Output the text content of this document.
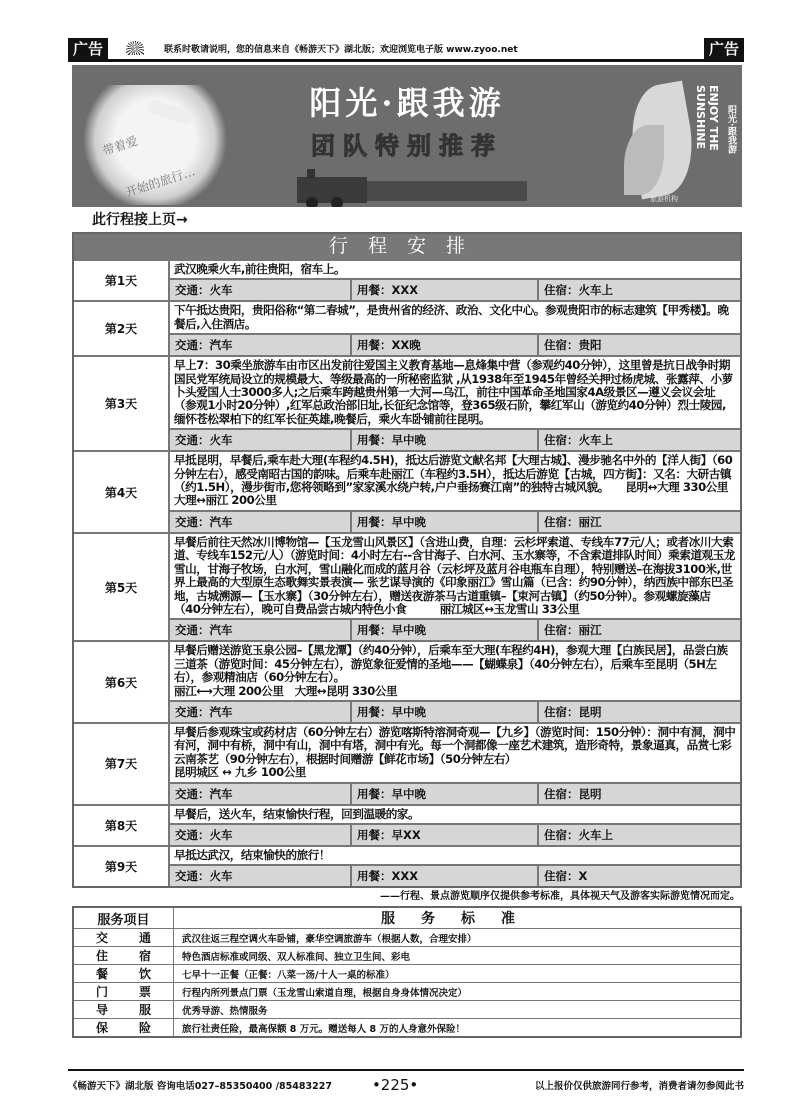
广告	联系时敬请说明，您的信息来自《畅游天下》湖北版；欢迎浏览电子版 www.zyoo.net	广告
带着爱
开始的旅行…
阳光·跟我游
团队特别推荐	ENJOY THE SUNSHINE	阳光·跟我游
旅游机构
此行程接上页→
行程安排
第1天
武汉晚乘火车,前往贵阳，宿车上。
交通：火车	用餐：XXX	住宿：火车上
第2天
下午抵达贵阳，贵阳俗称“第二春城”，是贵州省的经济、政治、文化中心。参观贵阳市的标志建筑【甲秀楼】。晚餐后,入住酒店。
交通：汽车	用餐：XX晚	住宿：贵阳
第3天
早上7：30乘坐旅游车由市区出发前往爱国主义教育基地—息烽集中营（参观约40分钟），这里曾是抗日战争时期国民党军统局设立的规模最大、等级最高的一所秘密监狱 ,从1938年至1945年曾经关押过杨虎城、张露萍、小萝卜头爱国人士3000多人;之后乘车跨越贵州第一大河—乌江，前往中国革命圣地国家4A级景区—遵义会议会址（参观1小时20分钟）,红军总政治部旧址,长征纪念馆等，登365级石阶，攀红军山（游览约40分钟）烈士陵园,缅怀苍松翠柏下的红军长征英雄,晚餐后，乘火车卧铺前往昆明。
交通：火车	用餐：早中晚	住宿：火车上
第4天
早抵昆明，早餐后,乘车赴大理(车程约4.5H)，抵达后游览文献名邦【大理古城】、漫步驰名中外的【洋人街】（60分钟左右），感受南昭古国的韵味。后乘车赴丽江（车程约3.5H），抵达后游览【古城，四方街】：又名：大研古镇（约1.5H），漫步街市,您将领略到”家家溪水绕户转,户户垂扬赛江南”的独特古城风貌。　　昆明↔大理 330公里　大理↔丽江 200公里
交通：汽车	用餐：早中晚	住宿：丽江
第5天
早餐后前往天然冰川博物馆—【玉龙雪山风景区】（含进山费，自理：云杉坪索道、专线车77元/人；或者冰川大索道、专线车152元/人）（游览时间：4小时左右--含甘海子、白水河、玉水寨等，不含索道排队时间）乘索道观玉龙雪山，甘海子牧场，白水河，雪山融化而成的蓝月谷（云杉坪及蓝月谷电瓶车自理），特别赠送–在海拔3100米,世界上最高的大型原生态歌舞实景表演— 张艺谋导演的《印象丽江》雪山篇（已含：约90分钟），纳西族中部东巴圣地，古城溯源—【玉水寨】（30分钟左右），赠送夜游茶马古道重镇–【束河古镇】（约50分钟）。参观螺旋藻店（40分钟左右），晚可自费品尝古城内特色小食　　　丽江城区↔玉龙雪山 33公里
交通：汽车	用餐：早中晚	住宿：丽江
第6天
早餐后赠送游览玉泉公园–【黑龙潭】（约40分钟），后乘车至大理(车程约4H)，参观大理【白族民居】，品尝白族三道茶（游览时间：45分钟左右），游览象征爱情的圣地——【蝴蝶泉】（40分钟左右），后乘车至昆明（5H左右），参观精油店（60分钟左右）。
丽江⟷大理 200公里　大理↔昆明 330公里
交通：汽车	用餐：早中晚	住宿：昆明
第7天
早餐后参观珠宝或药材店（60分钟左右）游览喀斯特溶洞奇观—【九乡】（游览时间：150分钟）：洞中有洞，洞中有河，洞中有桥，洞中有山，洞中有塔，洞中有光。每一个洞都像一座艺术建筑，造形奇特，景象逼真，品赏七彩云南茶艺（90分钟左右），根据时间赠游【鲜花市场】（50分钟左右）
昆明城区 ↔ 九乡 100公里
交通：汽车	用餐：早中晚	住宿：昆明
第8天
早餐后，送火车，结束愉快行程，回到温暖的家。
交通：火车	用餐：早XX	住宿：火车上
第9天
早抵达武汉，结束愉快的旅行！
交通：火车	用餐：XXX	住宿：X
——行程、景点游览顺序仅提供参考标准，具体视天气及游客实际游览情况而定。
服务项目	服务标准
交	通	武汉往返三程空调火车卧铺，豪华空调旅游车（根据人数，合理安排）
住	宿	特色酒店标准或同级、双人标准间、独立卫生间、彩电
餐	饮	七早十一正餐（正餐：八菜一汤/十人一桌的标准）
门	票	行程内所列景点门票（玉龙雪山索道自理，根据自身身体情况决定）
导	服	优秀导游、热情服务
保	险	旅行社责任险，最高保额 8 万元。赠送每人 8 万的人身意外保险！
《畅游天下》湖北版 咨询电话027–85350400 /85483227	•225•	以上报价仅供旅游同行参考，消费者请勿参阅此书
